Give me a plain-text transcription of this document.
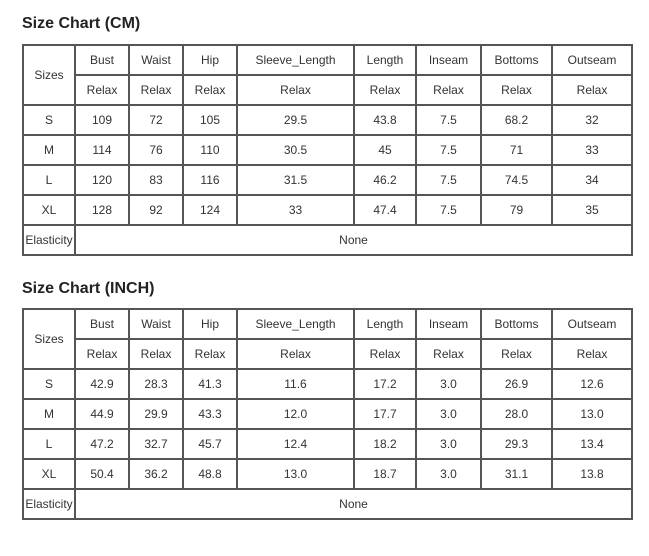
Size Chart (CM)
Sizes	Bust	Waist	Hip	Sleeve_Length	Length	Inseam	Bottoms	Outseam
	Relax	Relax	Relax	Relax	Relax	Relax	Relax	Relax
S	109	72	105	29.5	43.8	7.5	68.2	32
M	114	76	110	30.5	45	7.5	71	33
L	120	83	116	31.5	46.2	7.5	74.5	34
XL	128	92	124	33	47.4	7.5	79	35
Elasticity	None							
Size Chart (INCH)
Sizes	Bust	Waist	Hip	Sleeve_Length	Length	Inseam	Bottoms	Outseam
	Relax	Relax	Relax	Relax	Relax	Relax	Relax	Relax
S	42.9	28.3	41.3	11.6	17.2	3.0	26.9	12.6
M	44.9	29.9	43.3	12.0	17.7	3.0	28.0	13.0
L	47.2	32.7	45.7	12.4	18.2	3.0	29.3	13.4
XL	50.4	36.2	48.8	13.0	18.7	3.0	31.1	13.8
Elasticity	None							
